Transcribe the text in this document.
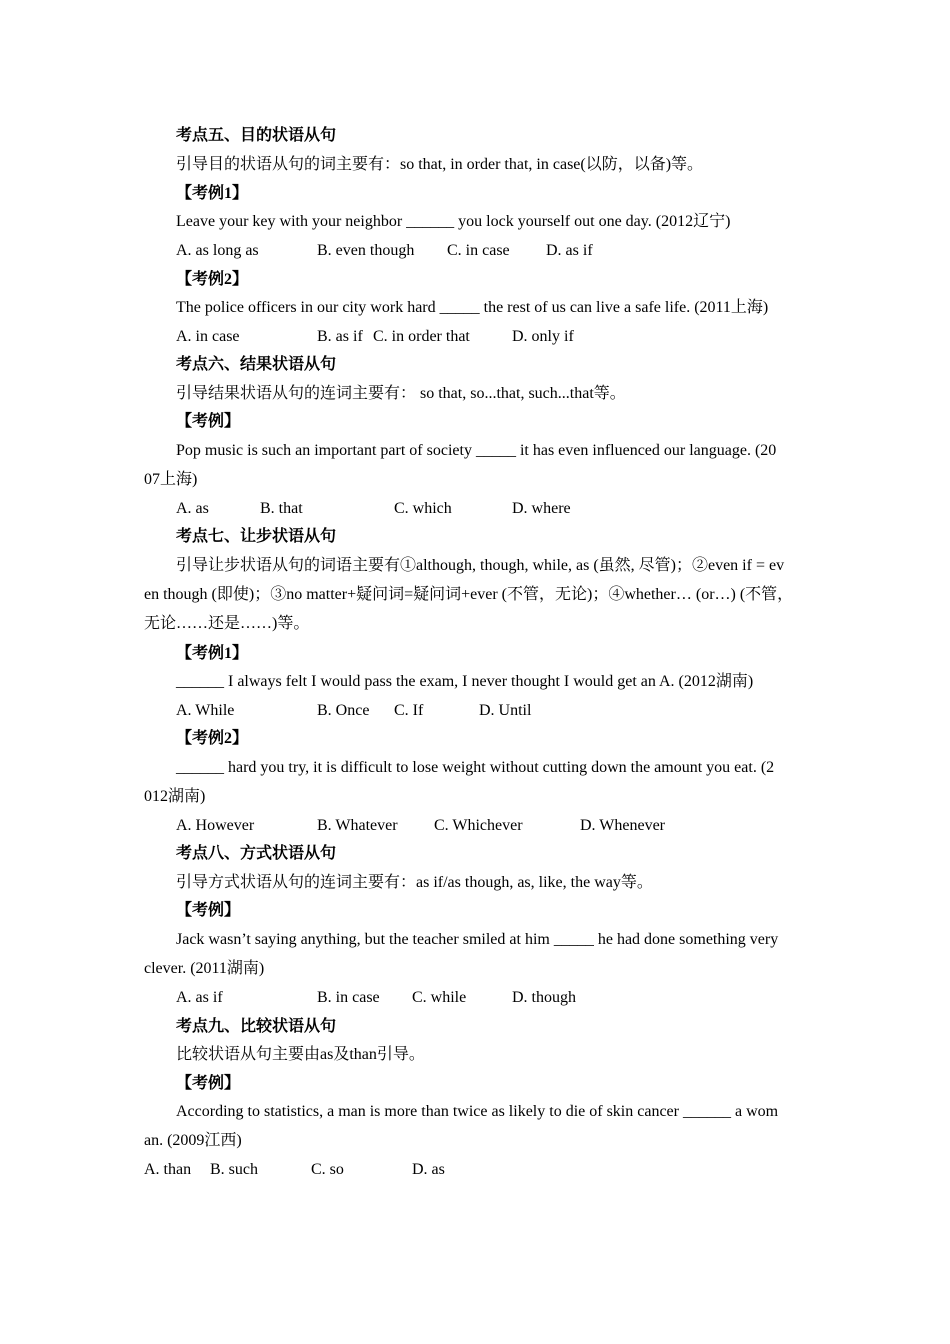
考点五、目的状语从句
引导目的状语从句的词主要有：so that, in order that, in case(以防，以备)等。
【考例1】
Leave your key with your neighbor ______ you lock yourself out one day. (2012辽宁)
A. as long as	B. even though C. in case D. as if
【考例2】
The police officers in our city work hard _____ the rest of us can live a safe life. (2011上海)
A. in case	B. as if C. in order that	D. only if
考点六、结果状语从句
引导结果状语从句的连词主要有： so that, so...that, such...that等。
【考例】
Pop music is such an important part of society _____ it has even influenced our language. (20
07上海)
A. as	B. that	C. which	D. where
考点七、让步状语从句
引导让步状语从句的词语主要有①although, though, while, as (虽然, 尽管)；②even if = ev
en though (即使)；③no matter+疑问词=疑问词+ever (不管，无论)；④whether… (or…) (不管，
无论……还是……)等。
【考例1】
______ I always felt I would pass the exam, I never thought I would get an A. (2012湖南)
A. While	B. Once C. If	D. Until
【考例2】
______ hard you try, it is difficult to lose weight without cutting down the amount you eat. (2
012湖南)
A. However	B. Whatever C. Whichever	D. Whenever
考点八、方式状语从句
引导方式状语从句的连词主要有：as if/as though, as, like, the way等。
【考例】
Jack wasn’t saying anything, but the teacher smiled at him _____ he had done something very
clever. (2011湖南)
A. as if	B. in case C. while	D. though
考点九、比较状语从句
比较状语从句主要由as及than引导。
【考例】
According to statistics, a man is more than twice as likely to die of skin cancer ______ a wom
an. (2009江西)
A. than B. such	C. so	D. as
